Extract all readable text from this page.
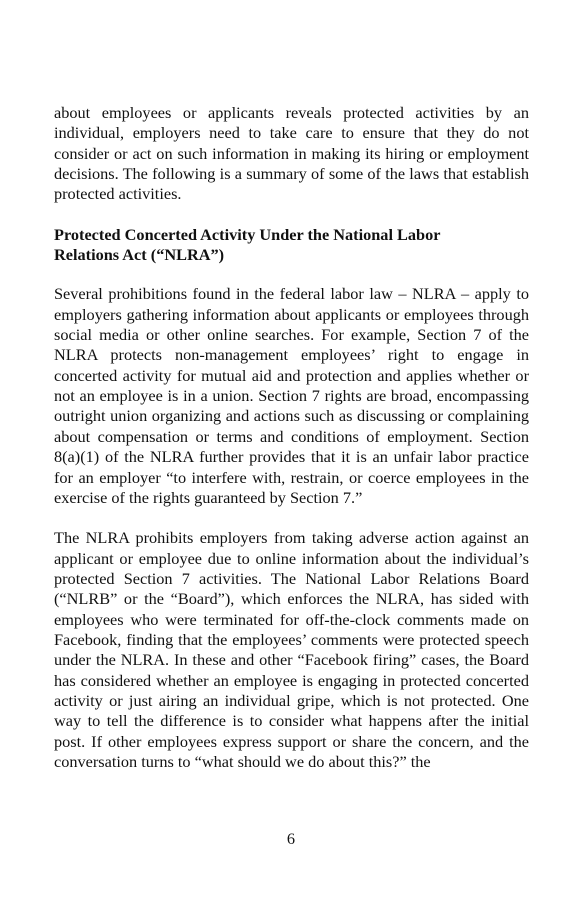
about employees or applicants reveals protected activities by an individual, employers need to take care to ensure that they do not consider or act on such information in making its hiring or employment decisions. The following is a summary of some of the laws that establish protected activities.

Protected Concerted Activity Under the National Labor Relations Act (“NLRA”)

Several prohibitions found in the federal labor law – NLRA – apply to employers gathering information about applicants or employees through social media or other online searches. For example, Section 7 of the NLRA protects non-management employees’ right to engage in concerted activity for mutual aid and protection and applies whether or not an employee is in a union. Section 7 rights are broad, encompassing outright union organizing and actions such as discussing or complaining about compensation or terms and conditions of employment. Section 8(a)(1) of the NLRA further provides that it is an unfair labor practice for an employer “to interfere with, restrain, or coerce employees in the exercise of the rights guaranteed by Section 7.”

The NLRA prohibits employers from taking adverse action against an applicant or employee due to online information about the individual’s protected Section 7 activities. The National Labor Relations Board (“NLRB” or the “Board”), which enforces the NLRA, has sided with employees who were terminated for off-the-clock comments made on Facebook, finding that the employees’ comments were protected speech under the NLRA. In these and other “Facebook firing” cases, the Board has considered whether an employee is engaging in protected concerted activity or just airing an individual gripe, which is not protected. One way to tell the difference is to consider what happens after the initial post. If other employees express support or share the concern, and the conversation turns to “what should we do about this?” the

6
